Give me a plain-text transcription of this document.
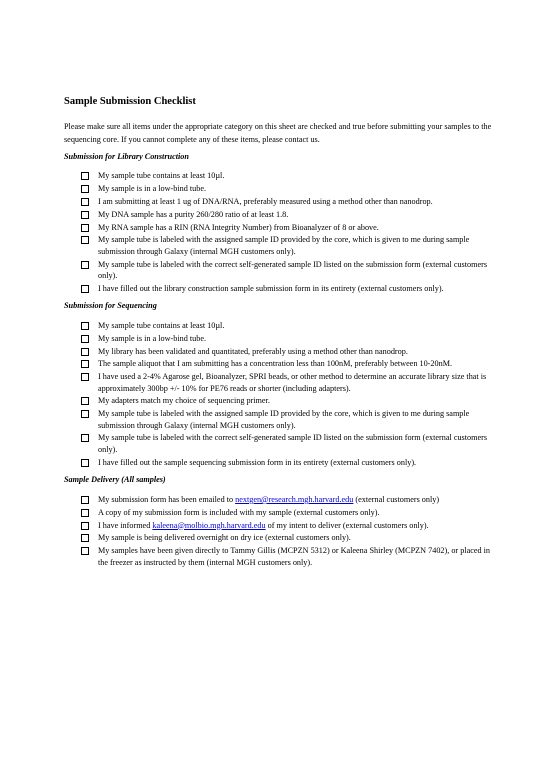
Sample Submission Checklist

Please make sure all items under the appropriate category on this sheet are checked and true before submitting your samples to the sequencing core. If you cannot complete any of these items, please contact us.

Submission for Library Construction
My sample tube contains at least 10µl.
My sample is in a low-bind tube.
I am submitting at least 1 ug of DNA/RNA, preferably measured using a method other than nanodrop.
My DNA sample has a purity 260/280 ratio of at least 1.8.
My RNA sample has a RIN (RNA Integrity Number) from Bioanalyzer of 8 or above.
My sample tube is labeled with the assigned sample ID provided by the core, which is given to me during sample submission through Galaxy (internal MGH customers only).
My sample tube is labeled with the correct self-generated sample ID listed on the submission form (external customers only).
I have filled out the library construction sample submission form in its entirety (external customers only).
Submission for Sequencing
My sample tube contains at least 10µl.
My sample is in a low-bind tube.
My library has been validated and quantitated, preferably using a method other than nanodrop.
The sample aliquot that I am submitting has a concentration less than 100nM, preferably between 10-20nM.
I have used a 2-4% Agarose gel, Bioanalyzer, SPRI beads, or other method to determine an accurate library size that is approximately 300bp +/- 10% for PE76 reads or shorter (including adapters).
My adapters match my choice of sequencing primer.
My sample tube is labeled with the assigned sample ID provided by the core, which is given to me during sample submission through Galaxy (internal MGH customers only).
My sample tube is labeled with the correct self-generated sample ID listed on the submission form (external customers only).
I have filled out the sample sequencing submission form in its entirety (external customers only).
Sample Delivery (All samples)
My submission form has been emailed to nextgen@research.mgh.harvard.edu (external customers only)
A copy of my submission form is included with my sample (external customers only).
I have informed kaleena@molbio.mgh.harvard.edu of my intent to deliver (external customers only).
My sample is being delivered overnight on dry ice (external customers only).
My samples have been given directly to Tammy Gillis (MCPZN 5312) or Kaleena Shirley (MCPZN 7402), or placed in the freezer as instructed by them (internal MGH customers only).
